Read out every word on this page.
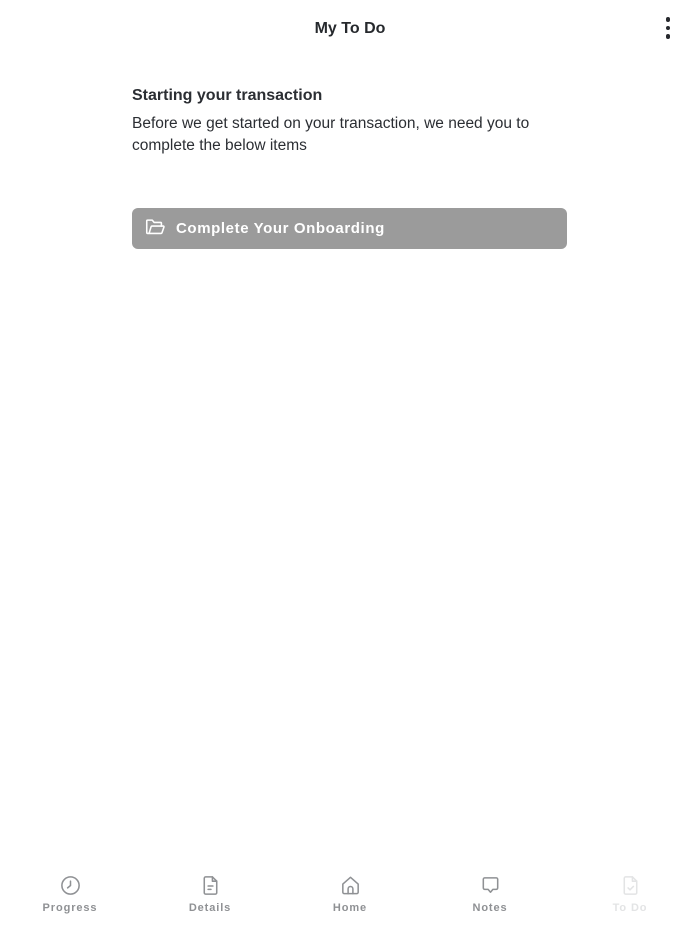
My To Do
Starting your transaction
Before we get started on your transaction, we need you to complete the below items
Complete Your Onboarding
Progress	Details	Home	Notes	To Do
